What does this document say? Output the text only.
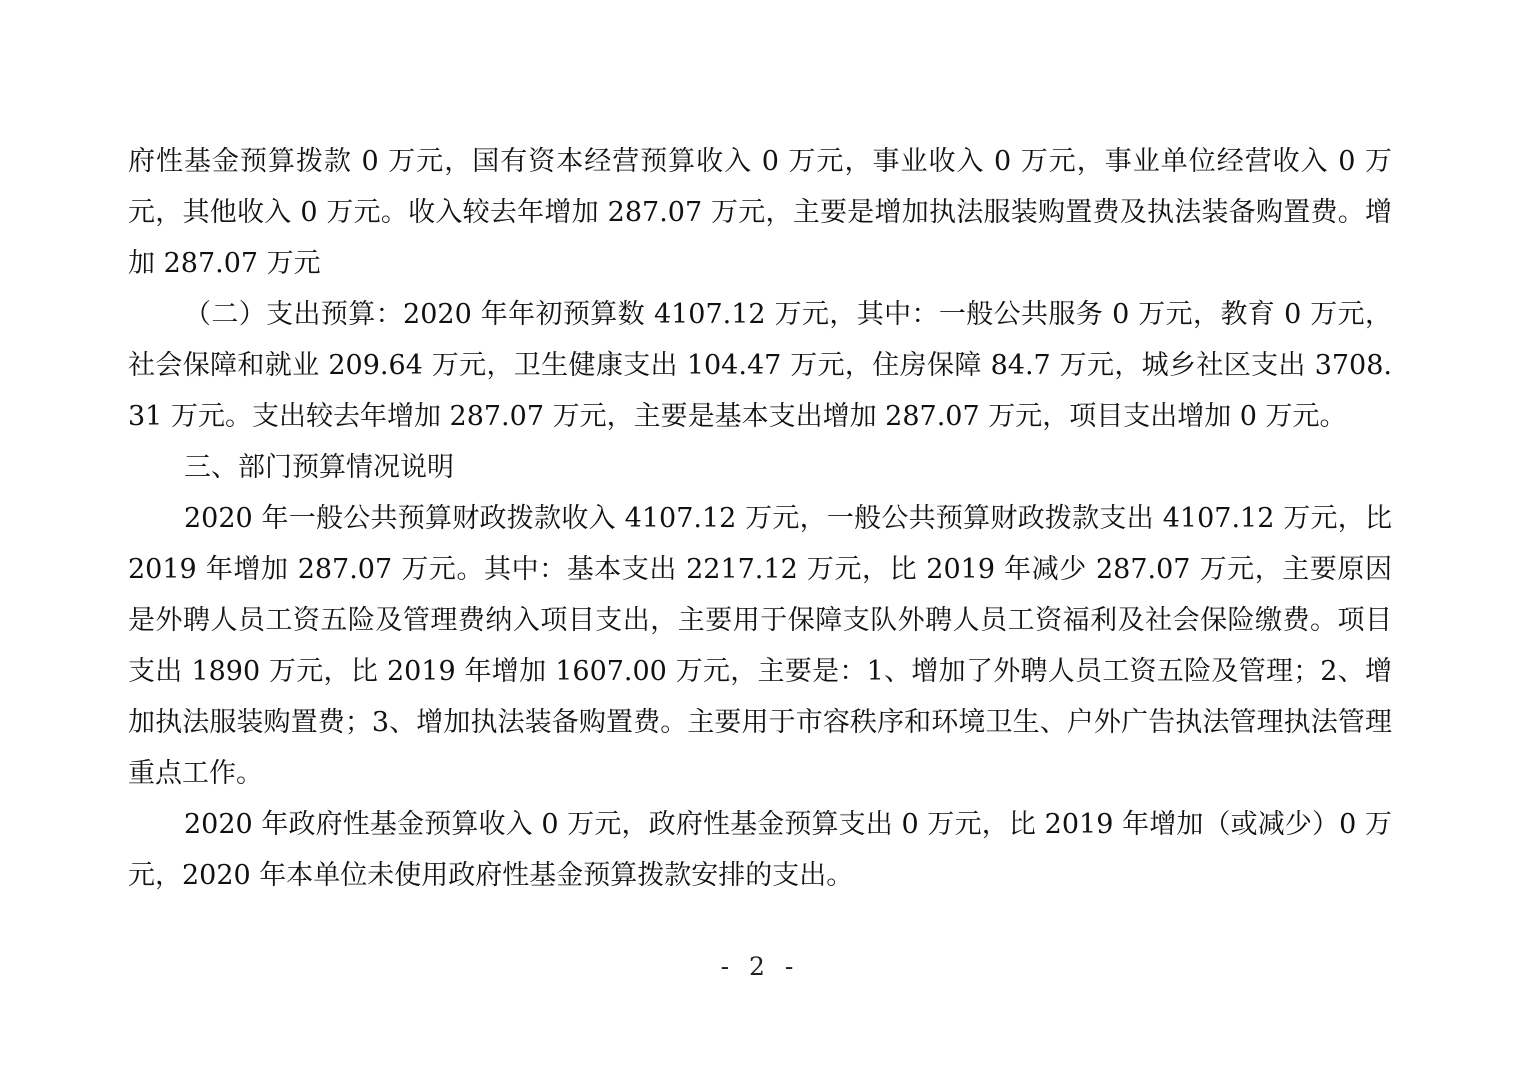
府性基金预算拨款 0 万元，国有资本经营预算收入 0 万元，事业收入 0 万元，事业单位经营收入 0 万元，其他收入 0 万元。收入较去年增加 287.07 万元，主要是增加执法服装购置费及执法装备购置费。增加 287.07 万元

（二）支出预算：2020 年年初预算数 4107.12 万元，其中：一般公共服务 0 万元，教育 0 万元，社会保障和就业 209.64 万元，卫生健康支出 104.47 万元，住房保障 84.7 万元，城乡社区支出 3708.31 万元。支出较去年增加 287.07 万元，主要是基本支出增加 287.07 万元，项目支出增加 0 万元。

三、部门预算情况说明

2020 年一般公共预算财政拨款收入 4107.12 万元，一般公共预算财政拨款支出 4107.12 万元，比 2019 年增加 287.07 万元。其中：基本支出 2217.12 万元，比 2019 年减少 287.07 万元，主要原因是外聘人员工资五险及管理费纳入项目支出，主要用于保障支队外聘人员工资福利及社会保险缴费。项目支出 1890 万元，比 2019 年增加 1607.00 万元，主要是：1、增加了外聘人员工资五险及管理；2、增加执法服装购置费；3、增加执法装备购置费。主要用于市容秩序和环境卫生、户外广告执法管理执法管理重点工作。

2020 年政府性基金预算收入 0 万元，政府性基金预算支出 0 万元，比 2019 年增加（或减少）0 万元，2020 年本单位未使用政府性基金预算拨款安排的支出。

- 2 -
